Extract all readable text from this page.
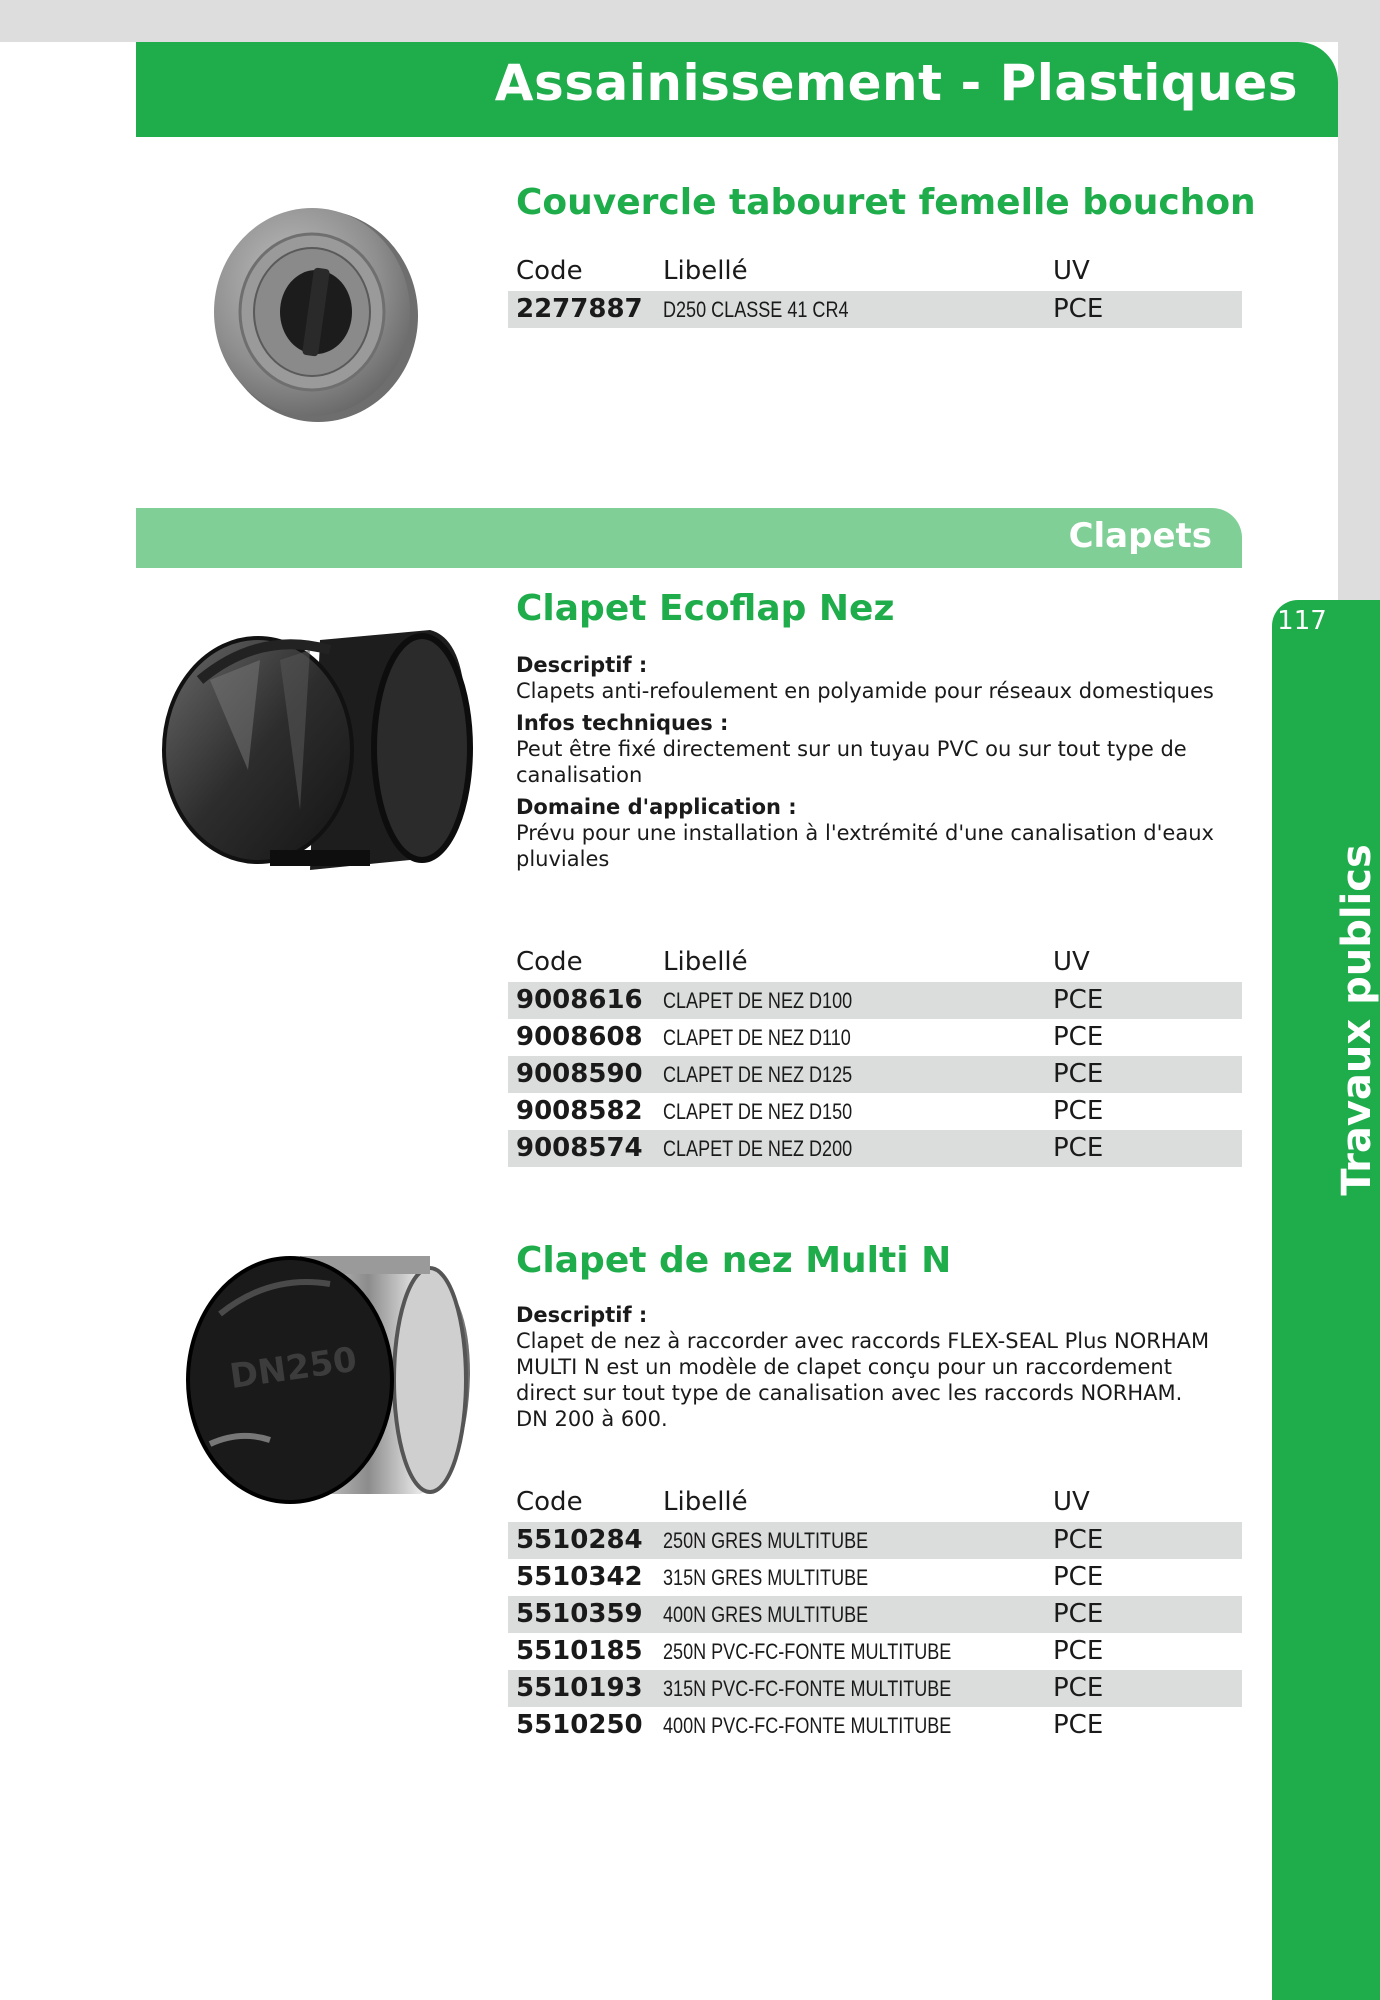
Assainissement - Plastiques
117
Travaux publics
Couvercle tabouret femelle bouchon
Code	Libellé	UV
2277887 D250 CLASSE 41 CR4	PCE
Clapets
Clapet Ecoflap Nez
Descriptif :
Clapets anti-refoulement en polyamide pour réseaux domestiques
Infos techniques :
Peut être fixé directement sur un tuyau PVC ou sur tout type de canalisation
Domaine d'application :
Prévu pour une installation à l'extrémité d'une canalisation d'eaux pluviales
Code	Libellé	UV
9008616 CLAPET DE NEZ D100	PCE
9008608 CLAPET DE NEZ D110	PCE
9008590 CLAPET DE NEZ D125	PCE
9008582 CLAPET DE NEZ D150	PCE
9008574 CLAPET DE NEZ D200	PCE
DN250
Clapet de nez Multi N
Descriptif :
Clapet de nez à raccorder avec raccords FLEX-SEAL Plus NORHAM
MULTI N est un modèle de clapet conçu pour un raccordement direct sur tout type de canalisation avec les raccords NORHAM.
DN 200 à 600.
Code	Libellé	UV
5510284 250N GRES MULTITUBE	PCE
5510342 315N GRES MULTITUBE	PCE
5510359 400N GRES MULTITUBE	PCE
5510185 250N PVC-FC-FONTE MULTITUBE	PCE
5510193 315N PVC-FC-FONTE MULTITUBE	PCE
5510250 400N PVC-FC-FONTE MULTITUBE	PCE
